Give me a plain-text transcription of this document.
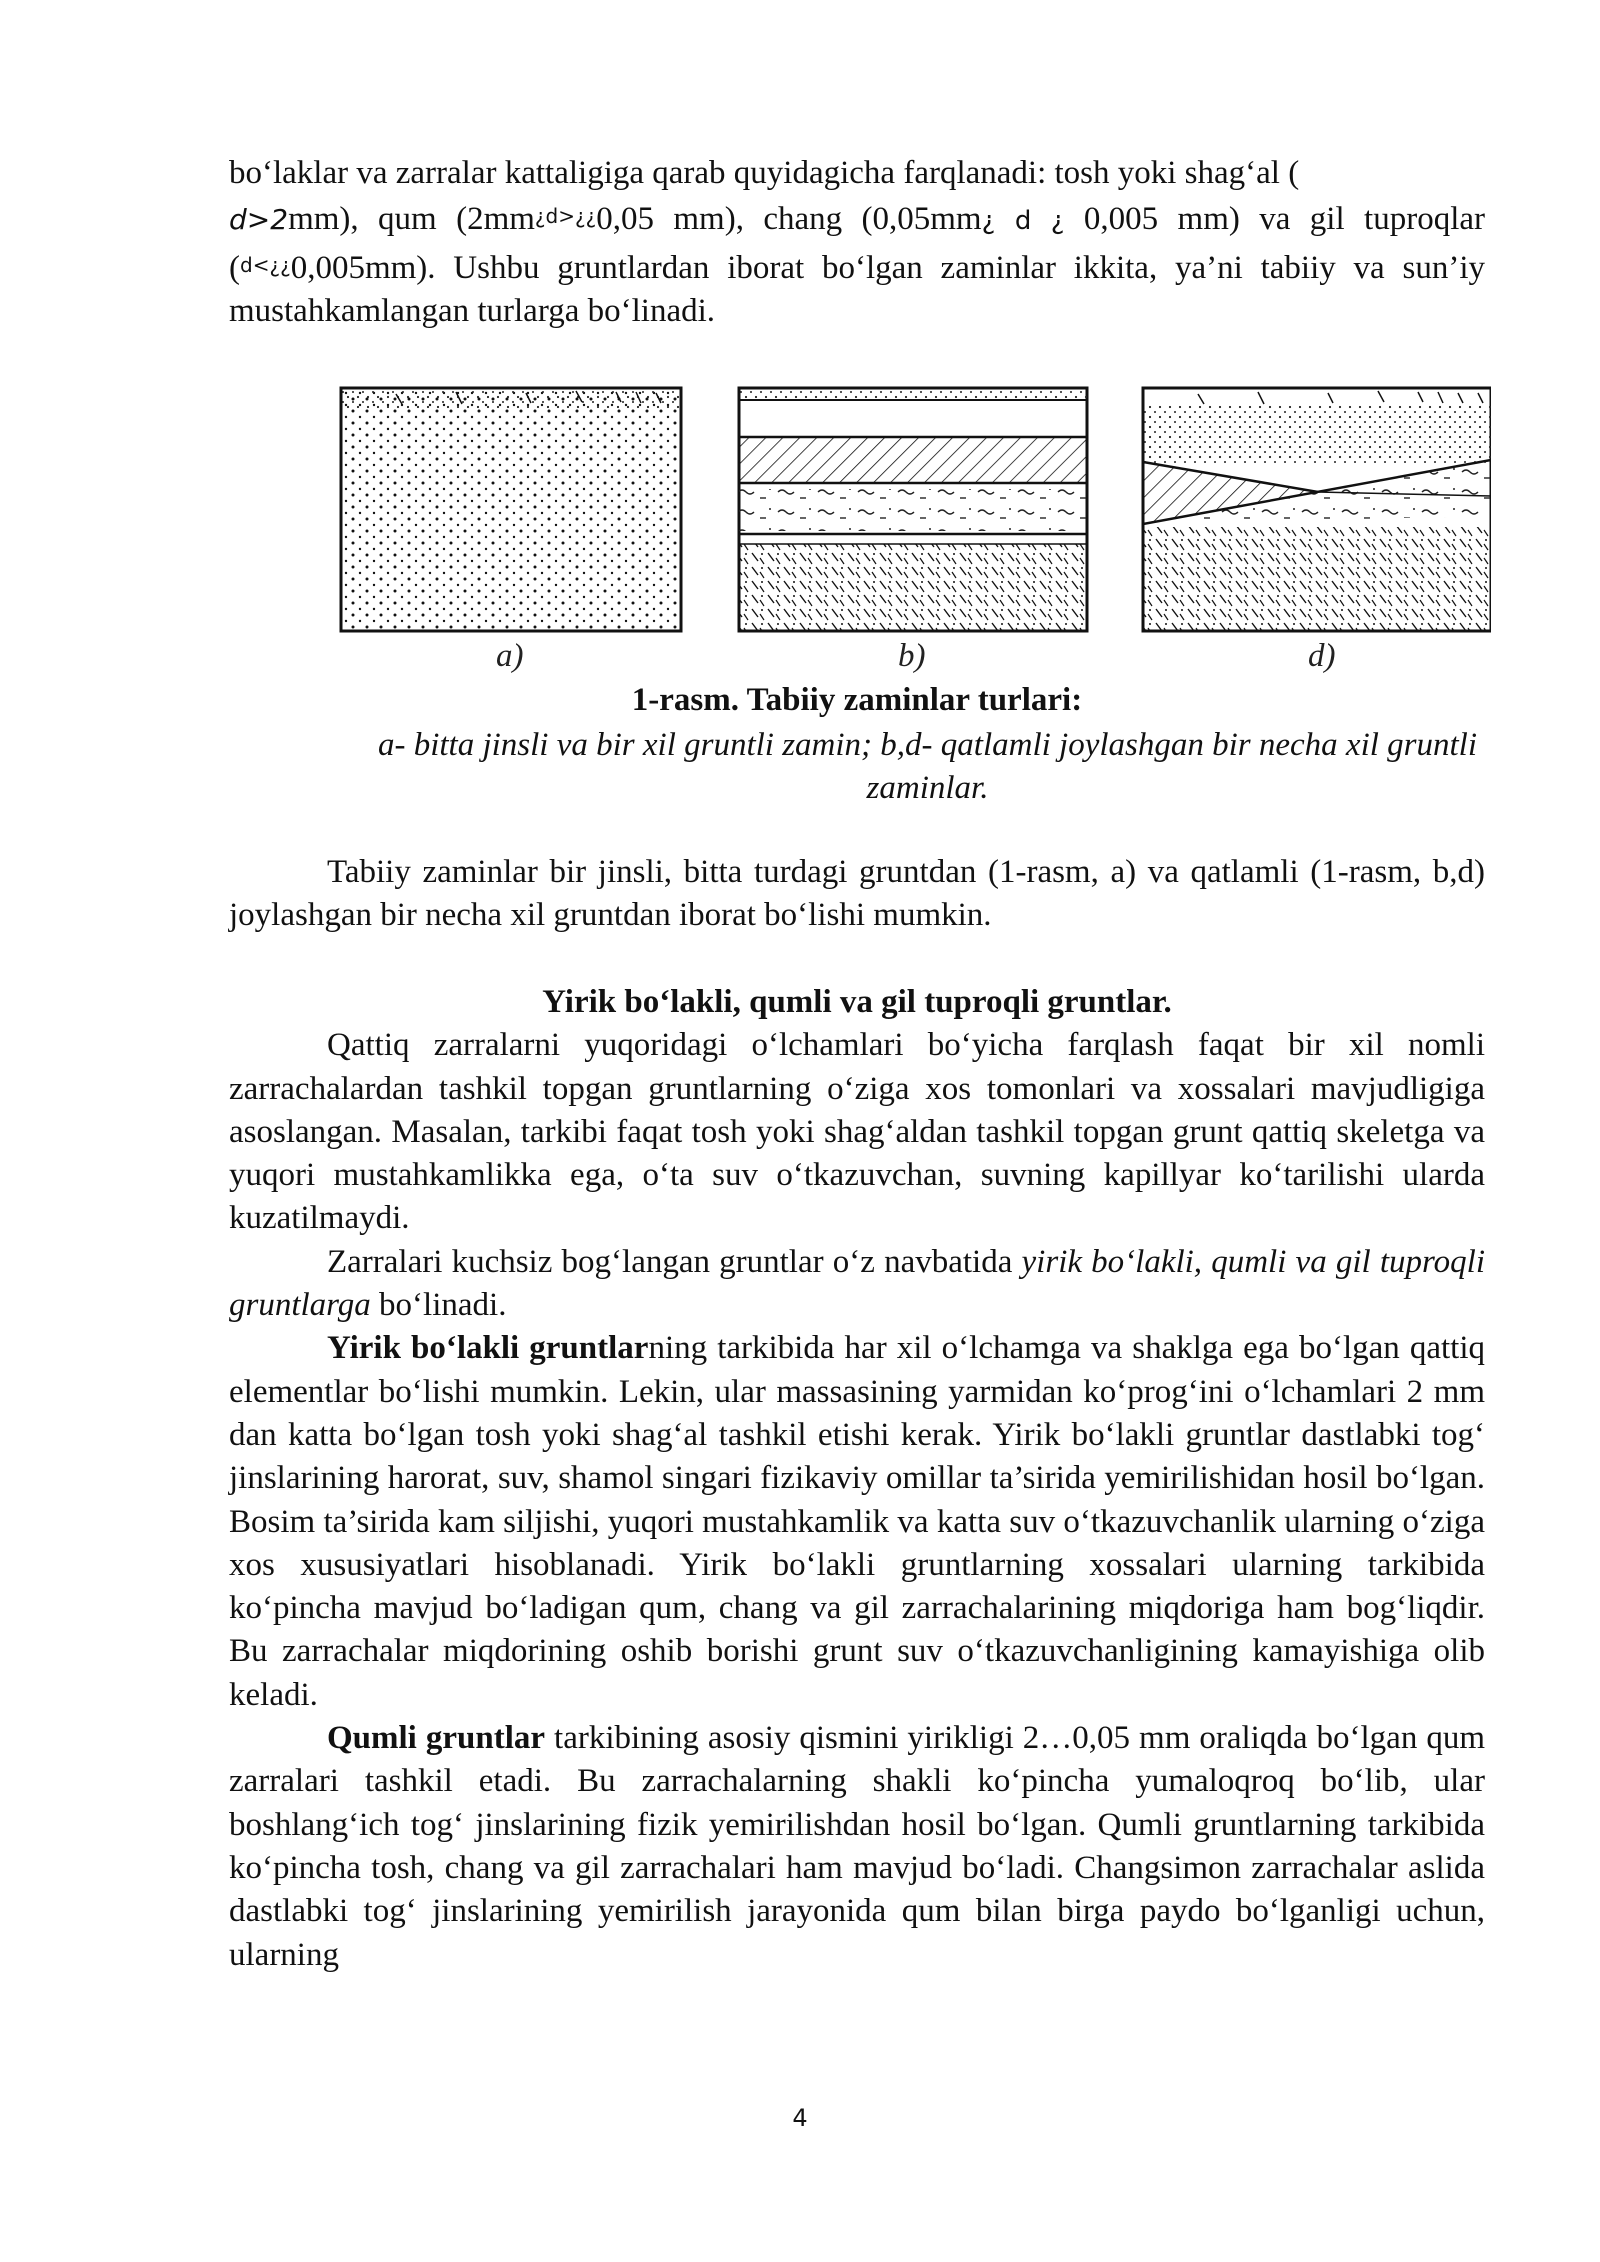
bo‘laklar va zarralar kattaligiga qarab quyidagicha farqlanadi: tosh yoki shag‘al (
d>2mm), qum (2mm¿d>¿¿0,05 mm), chang (0,05mm¿ d ¿ 0,005 mm) va gil tuproqlar (d<¿¿0,005mm). Ushbu gruntlardan iborat bo‘lgan zaminlar ikkita, ya’ni tabiiy va sun’iy mustahkamlangan turlarga bo‘linadi.

a)	b)	d)
1-rasm. Tabiiy zaminlar turlari:
a- bitta jinsli va bir xil gruntli zamin; b,d- qatlamli joylashgan bir necha xil gruntli zaminlar.

Tabiiy zaminlar bir jinsli, bitta turdagi gruntdan (1-rasm, a) va qatlamli (1-rasm, b,d) joylashgan bir necha xil gruntdan iborat bo‘lishi mumkin.

Yirik bo‘lakli, qumli va gil tuproqli gruntlar.

Qattiq zarralarni yuqoridagi o‘lchamlari bo‘yicha farqlash faqat bir xil nomli zarrachalardan tashkil topgan gruntlarning o‘ziga xos tomonlari va xossalari mavjudligiga asoslangan. Masalan, tarkibi faqat tosh yoki shag‘aldan tashkil topgan grunt qattiq skeletga va yuqori mustahkamlikka ega, o‘ta suv o‘tkazuvchan, suvning kapillyar ko‘tarilishi ularda kuzatilmaydi.

Zarralari kuchsiz bog‘langan gruntlar o‘z navbatida yirik bo‘lakli, qumli va gil tuproqli gruntlarga bo‘linadi.

Yirik bo‘lakli gruntlarning tarkibida har xil o‘lchamga va shaklga ega bo‘lgan qattiq elementlar bo‘lishi mumkin. Lekin, ular massasining yarmidan ko‘prog‘ini o‘lchamlari 2 mm dan katta bo‘lgan tosh yoki shag‘al tashkil etishi kerak. Yirik bo‘lakli gruntlar dastlabki tog‘ jinslarining harorat, suv, shamol singari fizikaviy omillar ta’sirida yemirilishidan hosil bo‘lgan. Bosim ta’sirida kam siljishi, yuqori mustahkamlik va katta suv o‘tkazuvchanlik ularning o‘ziga xos xususiyatlari hisoblanadi. Yirik bo‘lakli gruntlarning xossalari ularning tarkibida ko‘pincha mavjud bo‘ladigan qum, chang va gil zarrachalarining miqdoriga ham bog‘liqdir. Bu zarrachalar miqdorining oshib borishi grunt suv o‘tkazuvchanligining kamayishiga olib keladi.

Qumli gruntlar tarkibining asosiy qismini yirikligi 2…0,05 mm oraliqda bo‘lgan qum zarralari tashkil etadi. Bu zarrachalarning shakli ko‘pincha yumaloqroq bo‘lib, ular boshlang‘ich tog‘ jinslarining fizik yemirilishdan hosil bo‘lgan. Qumli gruntlarning tarkibida ko‘pincha tosh, chang va gil zarrachalari ham mavjud bo‘ladi. Changsimon zarrachalar aslida dastlabki tog‘ jinslarining yemirilish jarayonida qum bilan birga paydo bo‘lganligi uchun, ularning

4
